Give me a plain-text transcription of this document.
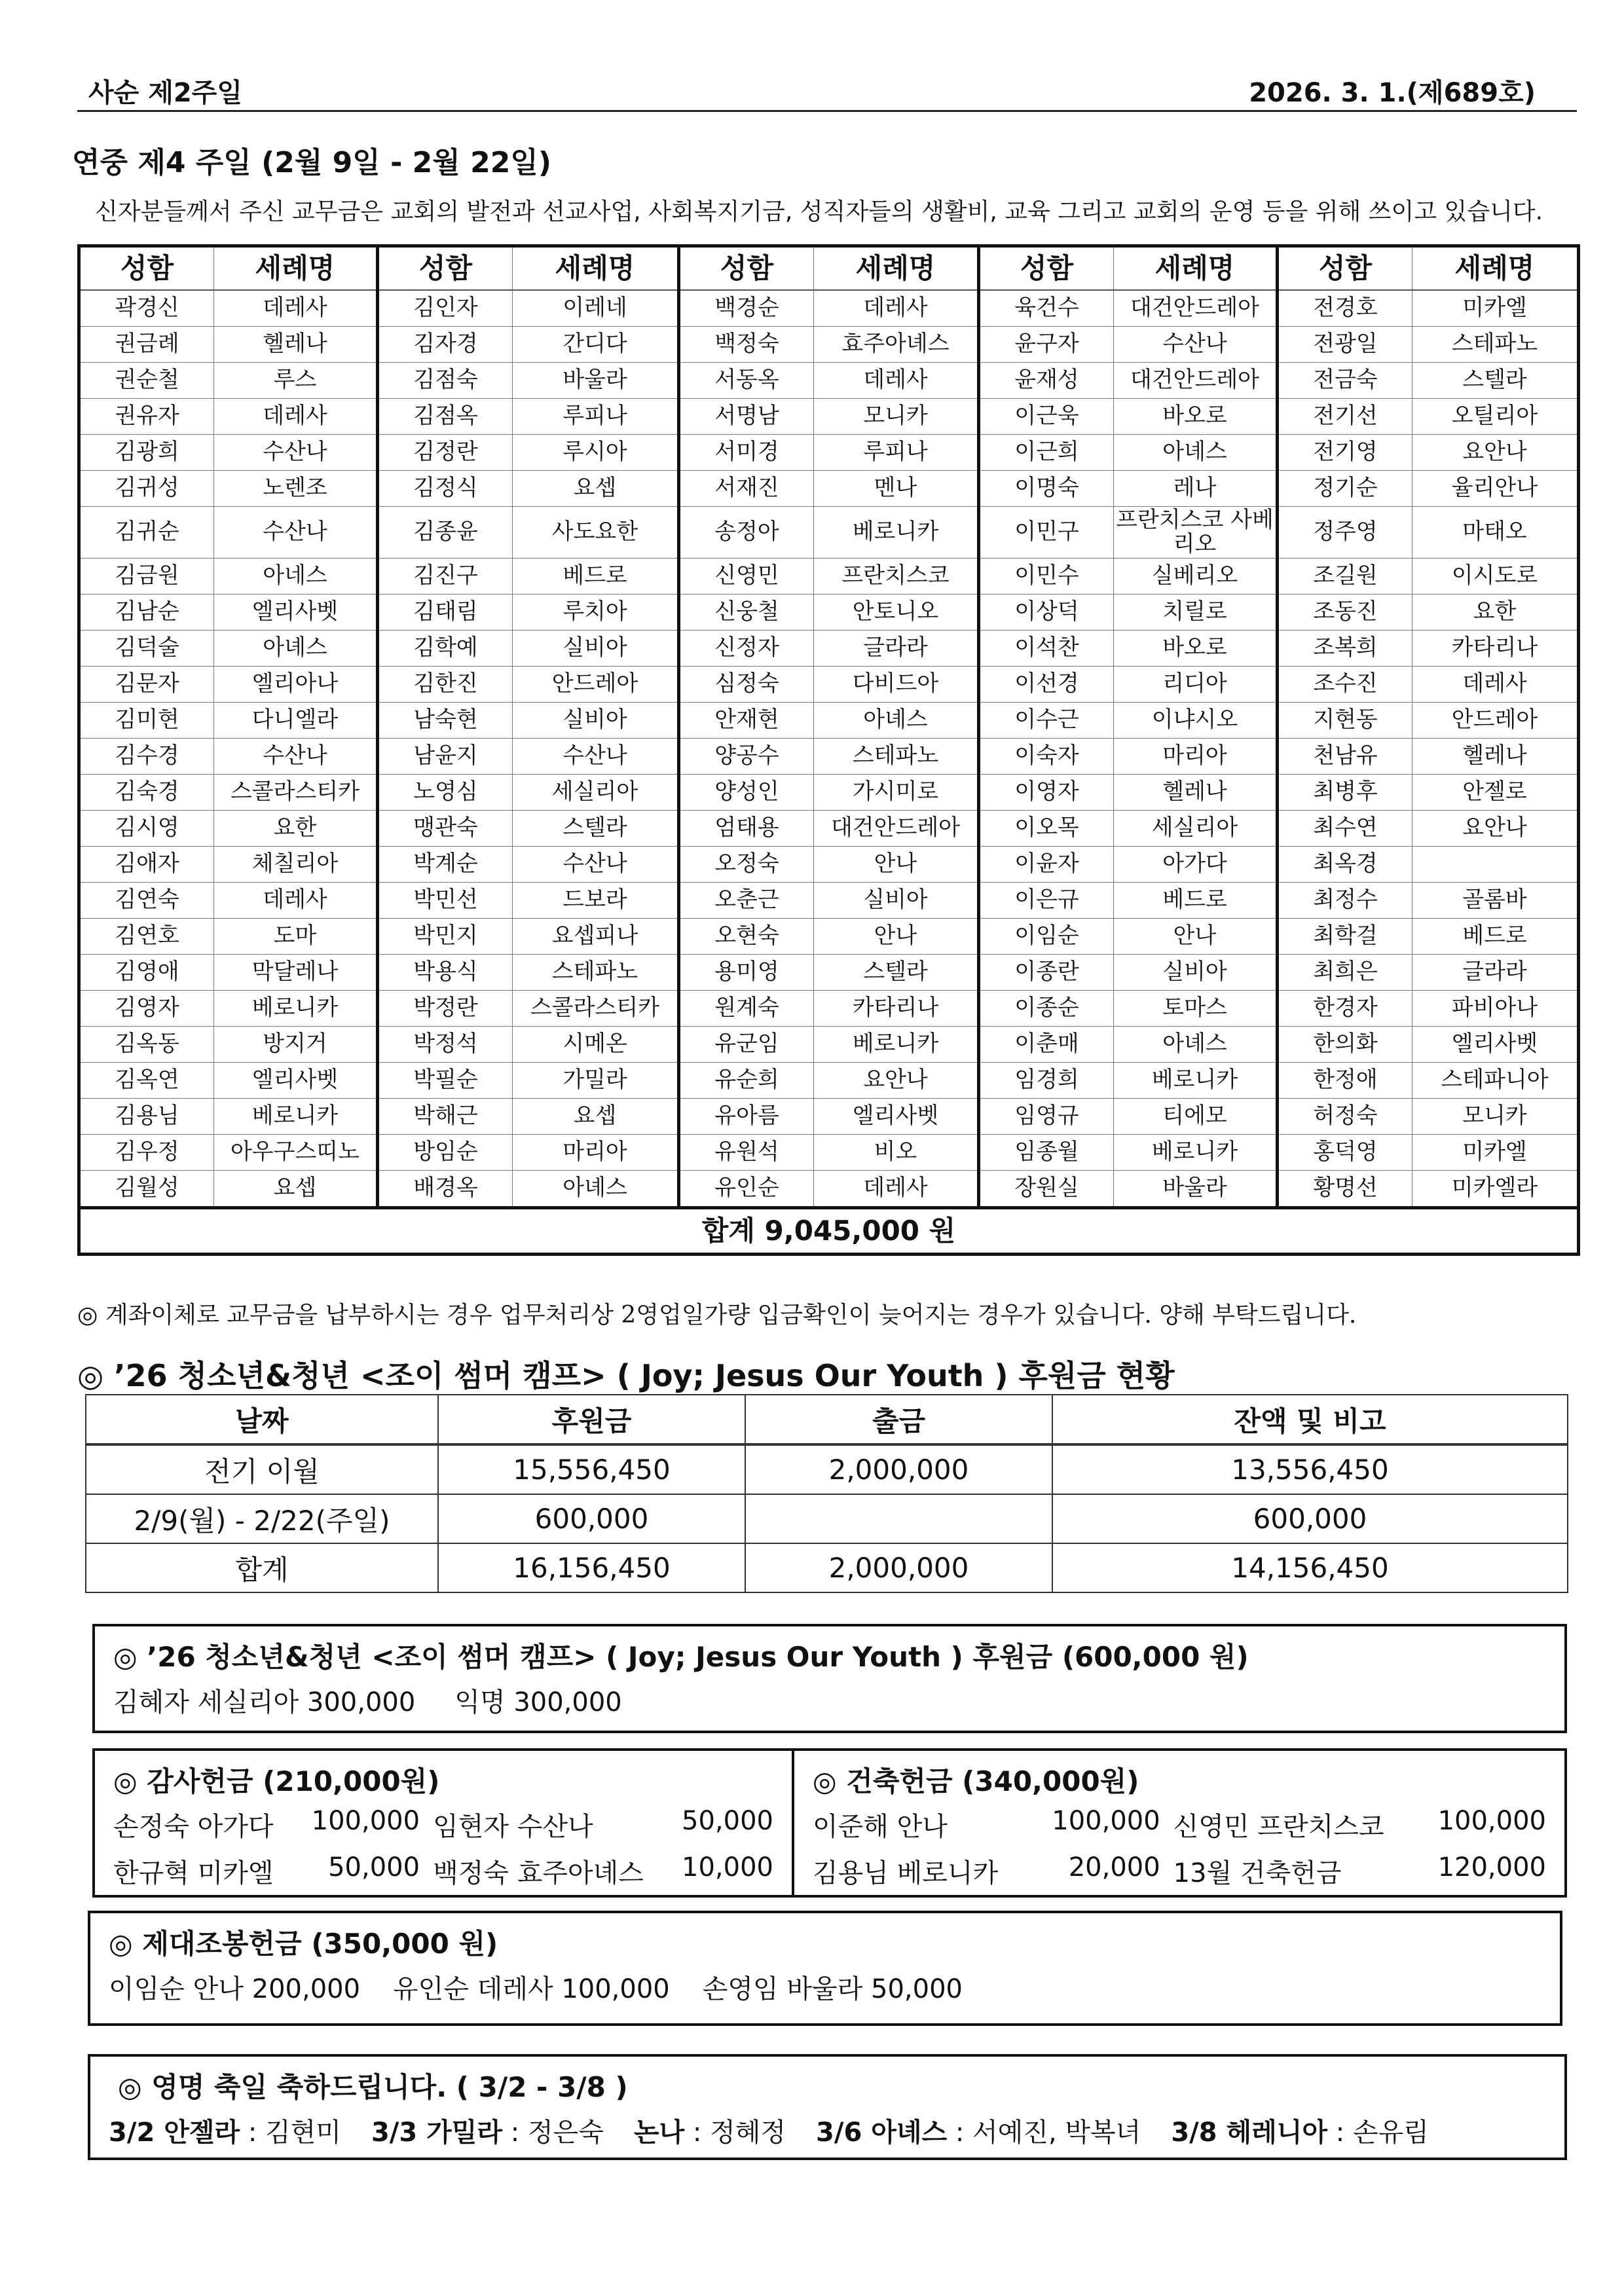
사순 제2주일	2026. 3. 1.(제689호)
연중 제4 주일 (2월 9일 - 2월 22일)
신자분들께서 주신 교무금은 교회의 발전과 선교사업, 사회복지기금, 성직자들의 생활비, 교육 그리고 교회의 운영 등을 위해 쓰이고 있습니다.
성함	세례명	성함	세례명	성함	세례명	성함	세례명	성함	세례명
곽경신	데레사	김인자	이레네	백경순	데레사	육건수	대건안드레아	전경호	미카엘
권금례	헬레나	김자경	간디다	백정숙	효주아녜스	윤구자	수산나	전광일	스테파노
권순철	루스	김점숙	바울라	서동옥	데레사	윤재성	대건안드레아	전금숙	스텔라
권유자	데레사	김점옥	루피나	서명남	모니카	이근욱	바오로	전기선	오틸리아
김광희	수산나	김정란	루시아	서미경	루피나	이근희	아녜스	전기영	요안나
김귀성	노렌조	김정식	요셉	서재진	멘나	이명숙	레나	정기순	율리안나
김귀순	수산나	김종윤	사도요한	송정아	베로니카	이민구	프란치스코 사베리오	정주영	마태오
김금원	아네스	김진구	베드로	신영민	프란치스코	이민수	실베리오	조길원	이시도로
김남순	엘리사벳	김태림	루치아	신웅철	안토니오	이상덕	치릴로	조동진	요한
김덕술	아녜스	김학예	실비아	신정자	글라라	이석찬	바오로	조복희	카타리나
김문자	엘리아나	김한진	안드레아	심정숙	다비드아	이선경	리디아	조수진	데레사
김미현	다니엘라	남숙현	실비아	안재현	아녜스	이수근	이냐시오	지현동	안드레아
김수경	수산나	남윤지	수산나	양공수	스테파노	이숙자	마리아	천남유	헬레나
김숙경	스콜라스티카	노영심	세실리아	양성인	가시미로	이영자	헬레나	최병후	안젤로
김시영	요한	맹관숙	스텔라	엄태용	대건안드레아	이오목	세실리아	최수연	요안나
김애자	체칠리아	박계순	수산나	오정숙	안나	이윤자	아가다	최옥경	
김연숙	데레사	박민선	드보라	오춘근	실비아	이은규	베드로	최정수	골롬바
김연호	도마	박민지	요셉피나	오현숙	안나	이임순	안나	최학걸	베드로
김영애	막달레나	박용식	스테파노	용미영	스텔라	이종란	실비아	최희은	글라라
김영자	베로니카	박정란	스콜라스티카	원계숙	카타리나	이종순	토마스	한경자	파비아나
김옥동	방지거	박정석	시메온	유군임	베로니카	이춘매	아녜스	한의화	엘리사벳
김옥연	엘리사벳	박필순	가밀라	유순희	요안나	임경희	베로니카	한정애	스테파니아
김용님	베로니카	박해근	요셉	유아름	엘리사벳	임영규	티에모	허정숙	모니카
김우정	아우구스띠노	방임순	마리아	유원석	비오	임종월	베로니카	홍덕영	미카엘
김월성	요셉	배경옥	아녜스	유인순	데레사	장원실	바울라	황명선	미카엘라
합계 9,045,000 원									
◎ 계좌이체로 교무금을 납부하시는 경우 업무처리상 2영업일가량 입금확인이 늦어지는 경우가 있습니다. 양해 부탁드립니다.
◎ ’26 청소년&청년 <조이 썸머 캠프> ( Joy; Jesus Our Youth ) 후원금 현황
날짜	후원금	출금	잔액 및 비고
전기 이월	15,556,450	2,000,000	13,556,450
2/9(월) - 2/22(주일)	600,000		600,000
합계	16,156,450	2,000,000	14,156,450
◎ ’26 청소년&청년 <조이 썸머 캠프> ( Joy; Jesus Our Youth ) 후원금 (600,000 원)
김혜자 세실리아 300,000 익명 300,000
◎ 감사헌금 (210,000원)
손정숙 아가다	100,000 임현자 수산나	50,000
한규혁 미카엘	50,000 백정숙 효주아녜스	10,000
◎ 건축헌금 (340,000원)
이준해 안나	100,000 신영민 프란치스코	100,000
김용님 베로니카	20,000 13월 건축헌금	120,000
◎ 제대조봉헌금 (350,000 원)
이임순 안나 200,000 유인순 데레사 100,000 손영임 바울라 50,000
◎ 영명 축일 축하드립니다. ( 3/2 - 3/8 )
3/2 안젤라 : 김현미 3/3 가밀라 : 정은숙 논나 : 정혜정 3/6 아녜스 : 서예진, 박복녀 3/8 헤레니아 : 손유림
